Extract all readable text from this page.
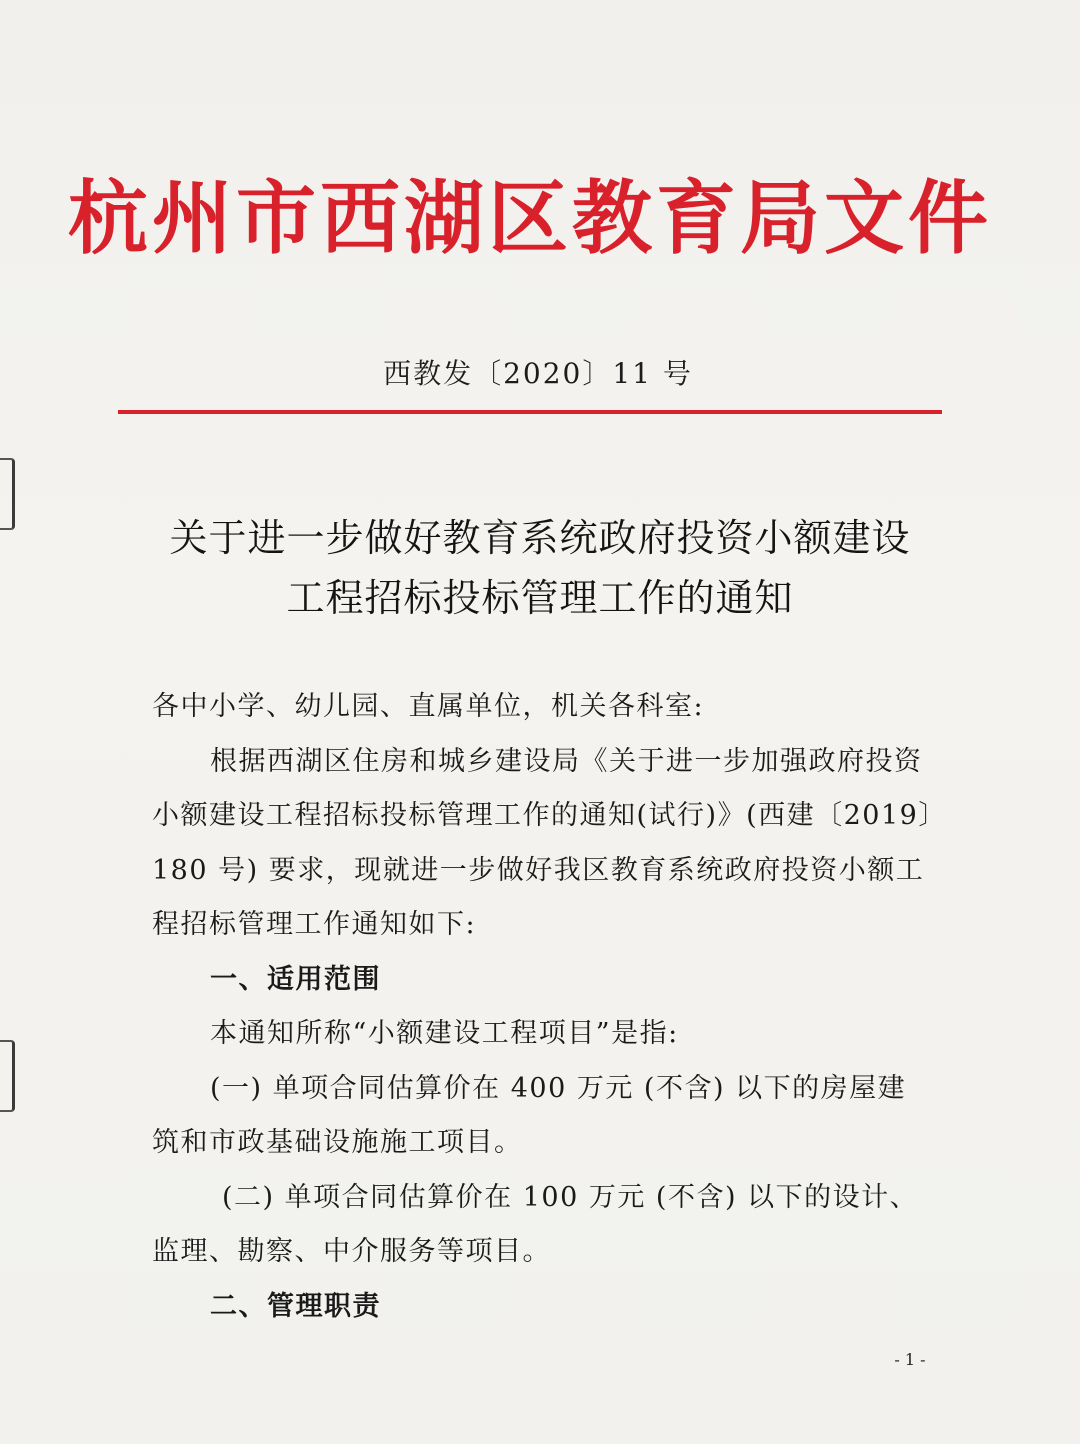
杭州市西湖区教育局文件
西教发〔2020〕11 号
关于进一步做好教育系统政府投资小额建设
工程招标投标管理工作的通知

各中小学、幼儿园、直属单位，机关各科室:

根据西湖区住房和城乡建设局《关于进一步加强政府投资

小额建设工程招标投标管理工作的通知(试行)》(西建〔2019〕

180 号) 要求，现就进一步做好我区教育系统政府投资小额工

程招标管理工作通知如下:

一、适用范围

本通知所称“小额建设工程项目”是指:

(一) 单项合同估算价在 400 万元 (不含) 以下的房屋建

筑和市政基础设施施工项目。

(二) 单项合同估算价在 100 万元 (不含) 以下的设计、

监理、勘察、中介服务等项目。

二、管理职责

- 1 -
